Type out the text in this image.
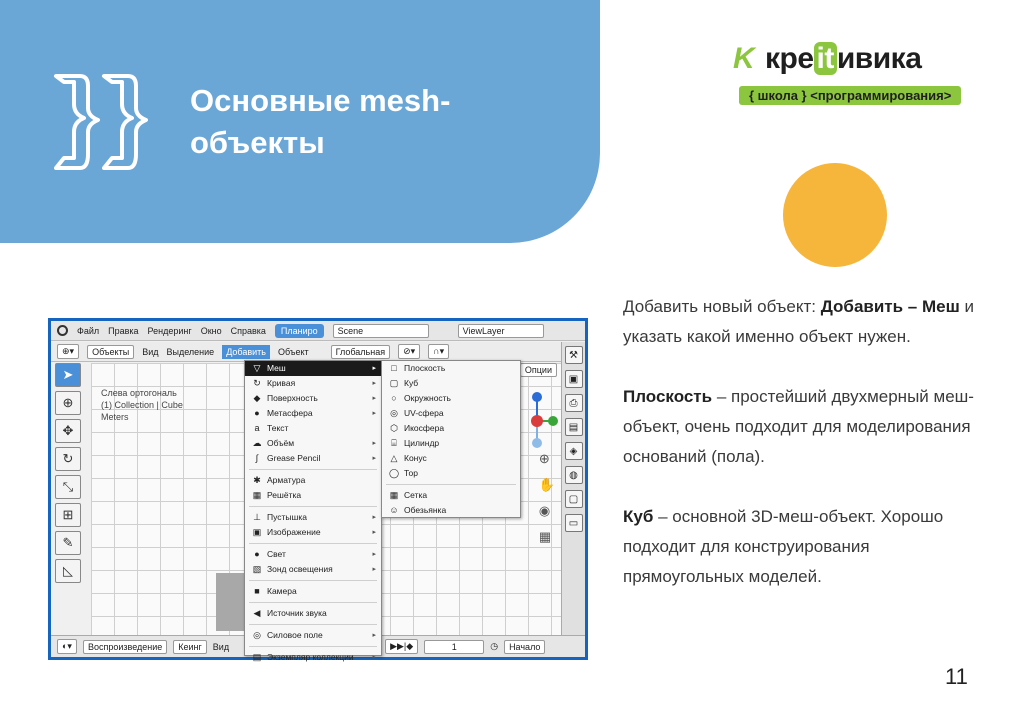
Основные mesh-
объекты
K кре it ивика
{ школа } <программирования>
Файл Правка Рендеринг Окно Справка	Планиро	Scene	ViewLayer
⊕▾	Объекты	Вид Выделение	Добавить	Объект	Глобальная	⊘▾	∩▾
Слева ортогональ
(1) Collection | Cube
Meters
➤
⊕
✥
↻
⤡
⊞
✎
◺
Опции
⊕
✋
◉
▦
⚒
▣
⎙
▤
◈
◍
▢
▭
◐▾	Воспроизведение	Кеинг	Вид	▶▶|◆	1	◷	Начало
▽ Меш	▸
↻ Кривая	▸
◆ Поверхность	▸
● Метасфера	▸
a Текст
☁ Объём	▸
∫	Grease Pencil	▸
✱ Арматура
▦ Решётка
⊥ Пустышка	▸
▣ Изображение	▸
● Свет	▸
▧ Зонд освещения	▸
■ Камера
◀ Источник звука
◎ Силовое поле	▸
▤ Экземпляр коллекции	▸
□ Плоскость
▢ Куб
○ Окружность
◎ UV-сфера
⬡ Икосфера
⌸ Цилиндр
△ Конус
◯ Тор
▦ Сетка
☺ Обезьянка

Добавить новый объект: Добавить – Меш и указать какой именно объект нужен.

Плоскость – простейший двухмерный меш- объект, очень подходит для моделирования оснований (пола).

Куб – основной 3D-меш-объект. Хорошо подходит для конструирования прямоугольных моделей.

11
